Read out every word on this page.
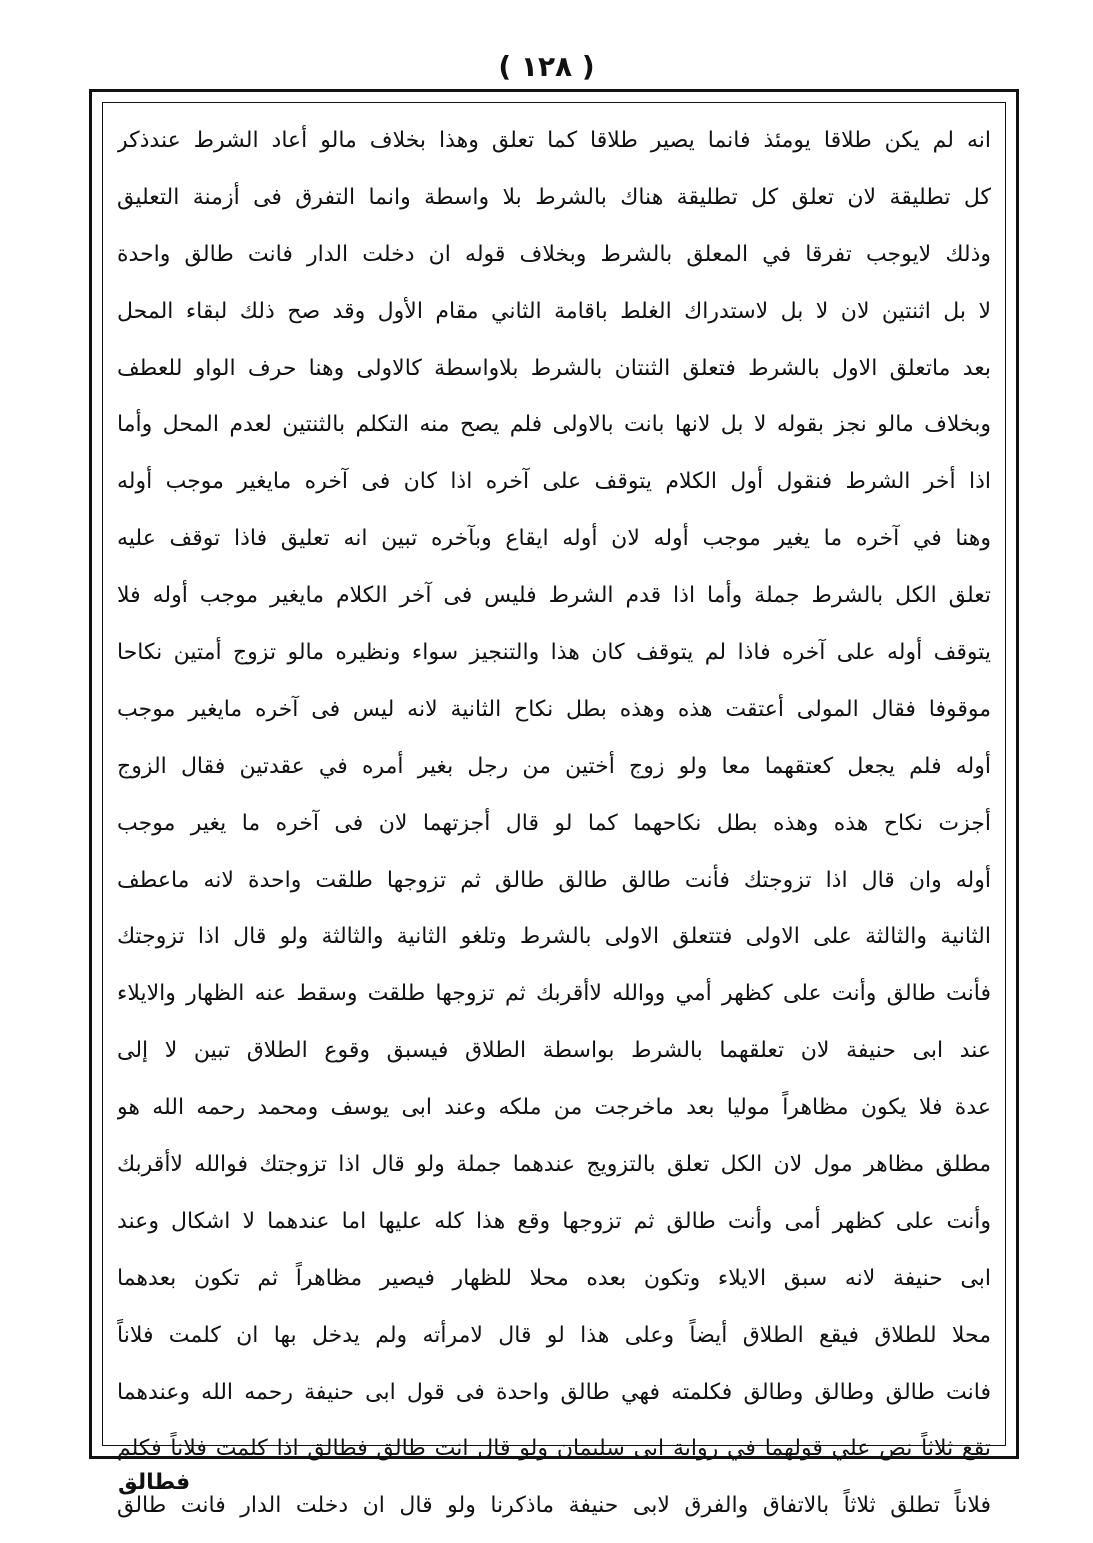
( ١٢٨ )
انه لم يكن طلاقا يومئذ فانما يصير طلاقا كما تعلق وهذا بخلاف مالو أعاد الشرط عندذكر
كل تطليقة لان تعلق كل تطليقة هناك بالشرط بلا واسطة وانما التفرق فى أزمنة التعليق
وذلك لايوجب تفرقا في المعلق بالشرط وبخلاف قوله ان دخلت الدار فانت طالق واحدة
لا بل اثنتين لان لا بل لاستدراك الغلط باقامة الثاني مقام الأول وقد صح ذلك لبقاء المحل
بعد ماتعلق الاول بالشرط فتعلق الثنتان بالشرط بلاواسطة كالاولى وهنا حرف الواو للعطف
وبخلاف مالو نجز بقوله لا بل لانها بانت بالاولى فلم يصح منه التكلم بالثنتين لعدم المحل وأما
اذا أخر الشرط فنقول أول الكلام يتوقف على آخره اذا كان فى آخره مايغير موجب أوله
وهنا في آخره ما يغير موجب أوله لان أوله ايقاع وبآخره تبين انه تعليق فاذا توقف عليه
تعلق الكل بالشرط جملة وأما اذا قدم الشرط فليس فى آخر الكلام مايغير موجب أوله فلا
يتوقف أوله على آخره فاذا لم يتوقف كان هذا والتنجيز سواء ونظيره مالو تزوج أمتين نكاحا
موقوفا فقال المولى أعتقت هذه وهذه بطل نكاح الثانية لانه ليس فى آخره مايغير موجب
أوله فلم يجعل كعتقهما معا ولو زوج أختين من رجل بغير أمره في عقدتين فقال الزوج
أجزت نكاح هذه وهذه بطل نكاحهما كما لو قال أجزتهما لان فى آخره ما يغير موجب
أوله وان قال اذا تزوجتك فأنت طالق طالق طالق ثم تزوجها طلقت واحدة لانه ماعطف
الثانية والثالثة على الاولى فتتعلق الاولى بالشرط وتلغو الثانية والثالثة ولو قال اذا تزوجتك
فأنت طالق وأنت على كظهر أمي ووالله لاأقربك ثم تزوجها طلقت وسقط عنه الظهار والايلاء
عند ابى حنيفة لان تعلقهما بالشرط بواسطة الطلاق فيسبق وقوع الطلاق تبين لا إلى
عدة فلا يكون مظاهراً موليا بعد ماخرجت من ملكه وعند ابى يوسف ومحمد رحمه الله هو
مطلق مظاهر مول لان الكل تعلق بالتزويج عندهما جملة ولو قال اذا تزوجتك فوالله لاأقربك
وأنت على كظهر أمى وأنت طالق ثم تزوجها وقع هذا كله عليها اما عندهما لا اشكال وعند
ابى حنيفة لانه سبق الايلاء وتكون بعده محلا للظهار فيصير مظاهراً ثم تكون بعدهما
محلا للطلاق فيقع الطلاق أيضاً وعلى هذا لو قال لامرأته ولم يدخل بها ان كلمت فلاناً
فانت طالق وطالق وطالق فكلمته فهي طالق واحدة فى قول ابى حنيفة رحمه الله وعندهما
تقع ثلاثاً نص علي قولهما في رواية ابى سليمان ولو قال انت طالق فطالق اذا كلمت فلاناً فكلم
فلاناً تطلق ثلاثاً بالاتفاق والفرق لابى حنيفة ماذكرنا ولو قال ان دخلت الدار فانت طالق
فطالق
